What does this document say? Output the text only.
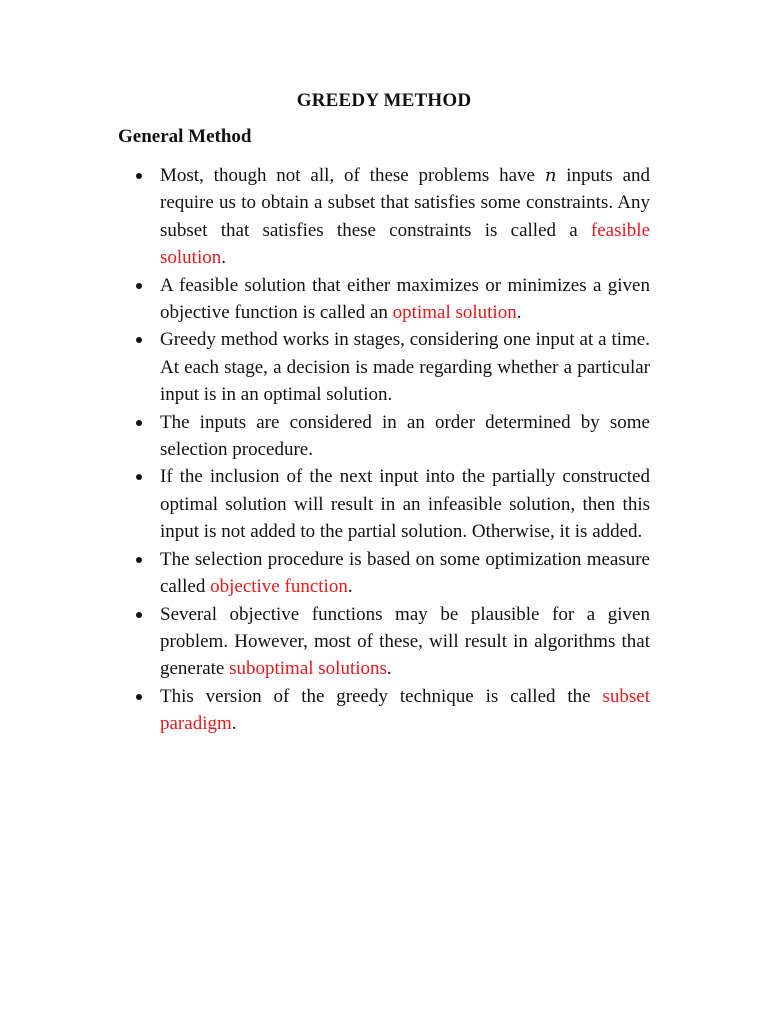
GREEDY METHOD
General Method
Most, though not all, of these problems have n inputs and require us to obtain a subset that satisfies some constraints. Any subset that satisfies these constraints is called a feasible solution.
A feasible solution that either maximizes or minimizes a given objective function is called an optimal solution.
Greedy method works in stages, considering one input at a time. At each stage, a decision is made regarding whether a particular input is in an optimal solution.
The inputs are considered in an order determined by some selection procedure.
If the inclusion of the next input into the partially constructed optimal solution will result in an infeasible solution, then this input is not added to the partial solution. Otherwise, it is added.
The selection procedure is based on some optimization measure called objective function.
Several objective functions may be plausible for a given problem. However, most of these, will result in algorithms that generate suboptimal solutions.
This version of the greedy technique is called the subset paradigm.
